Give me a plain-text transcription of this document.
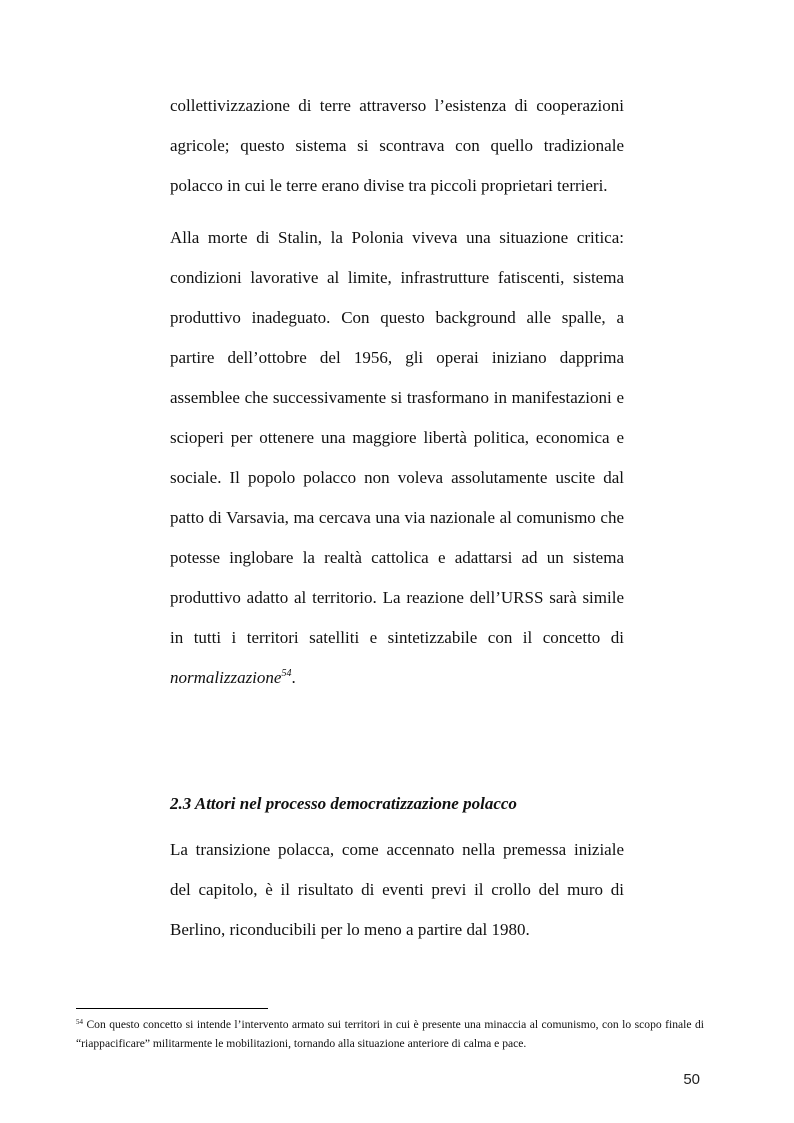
collettivizzazione di terre attraverso l’esistenza di cooperazioni agricole; questo sistema si scontrava con quello tradizionale polacco in cui le terre erano divise tra piccoli proprietari terrieri.

Alla morte di Stalin, la Polonia viveva una situazione critica: condizioni lavorative al limite, infrastrutture fatiscenti, sistema produttivo inadeguato. Con questo background alle spalle, a partire dell’ottobre del 1956, gli operai iniziano dapprima assemblee che successivamente si trasformano in manifestazioni e scioperi per ottenere una maggiore libertà politica, economica e sociale. Il popolo polacco non voleva assolutamente uscite dal patto di Varsavia, ma cercava una via nazionale al comunismo che potesse inglobare la realtà cattolica e adattarsi ad un sistema produttivo adatto al territorio. La reazione dell’URSS sarà simile in tutti i territori satelliti e sintetizzabile con il concetto di normalizzazione$^{54}$.

2.3 Attori nel processo democratizzazione polacco

La transizione polacca, come accennato nella premessa iniziale del capitolo, è il risultato di eventi previ il crollo del muro di Berlino, riconducibili per lo meno a partire dal 1980.

$^{54}$ Con questo concetto si intende l’intervento armato sui territori in cui è presente una minaccia al comunismo, con lo scopo finale di “riappacificare” militarmente le mobilitazioni, tornando alla situazione anteriore di calma e pace.

50
